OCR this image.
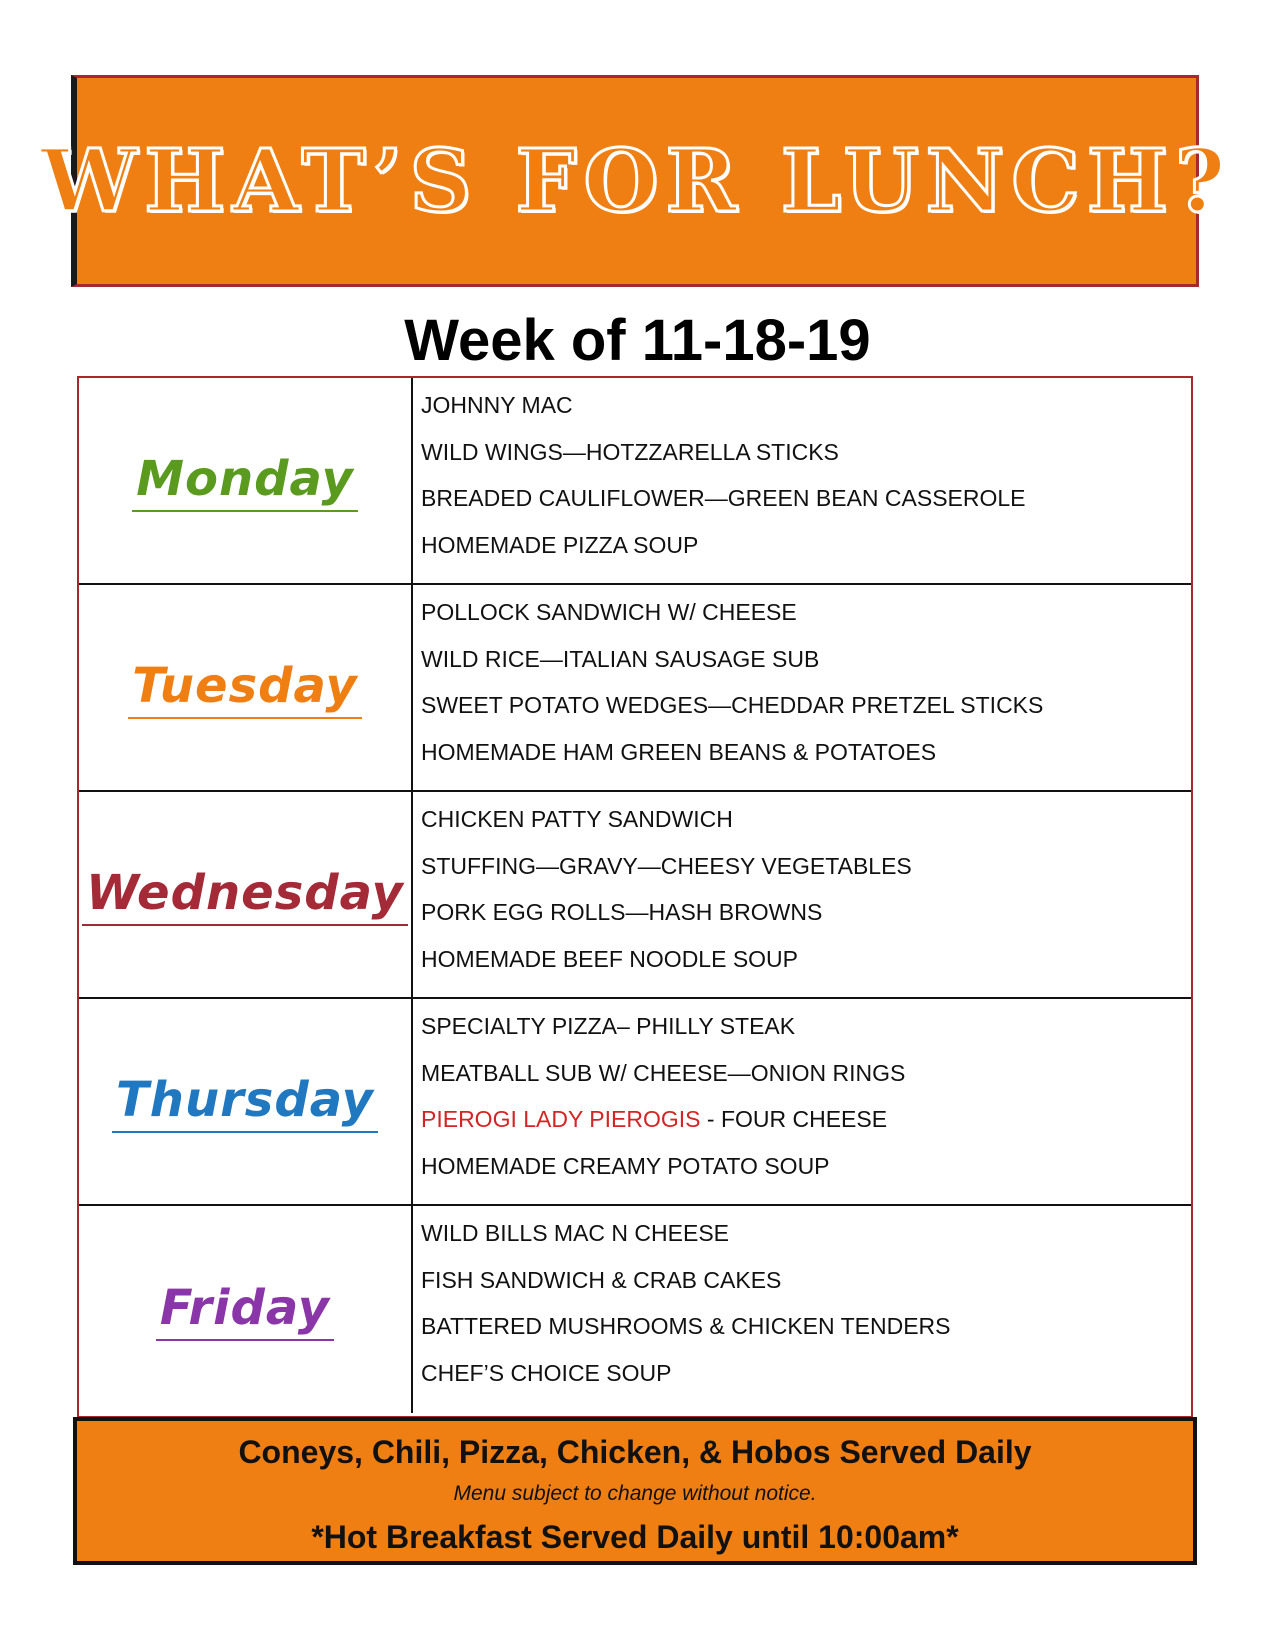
WHAT’S FOR LUNCH?
Week of 11-18-19
Monday
JOHNNY MAC
WILD WINGS—HOTZZARELLA STICKS
BREADED CAULIFLOWER—GREEN BEAN CASSEROLE
HOMEMADE PIZZA SOUP
Tuesday
POLLOCK SANDWICH W/ CHEESE
WILD RICE—ITALIAN SAUSAGE SUB
SWEET POTATO WEDGES—CHEDDAR PRETZEL STICKS
HOMEMADE HAM GREEN BEANS & POTATOES
Wednesday
CHICKEN PATTY SANDWICH
STUFFING—GRAVY—CHEESY VEGETABLES
PORK EGG ROLLS—HASH BROWNS
HOMEMADE BEEF NOODLE SOUP
Thursday
SPECIALTY PIZZA– PHILLY STEAK
MEATBALL SUB W/ CHEESE—ONION RINGS
PIEROGI LADY PIEROGIS - FOUR CHEESE
HOMEMADE CREAMY POTATO SOUP
Friday
WILD BILLS MAC N CHEESE
FISH SANDWICH & CRAB CAKES
BATTERED MUSHROOMS & CHICKEN TENDERS
CHEF’S CHOICE SOUP
Coneys, Chili, Pizza, Chicken, & Hobos Served Daily
Menu subject to change without notice.
*Hot Breakfast Served Daily until 10:00am*
